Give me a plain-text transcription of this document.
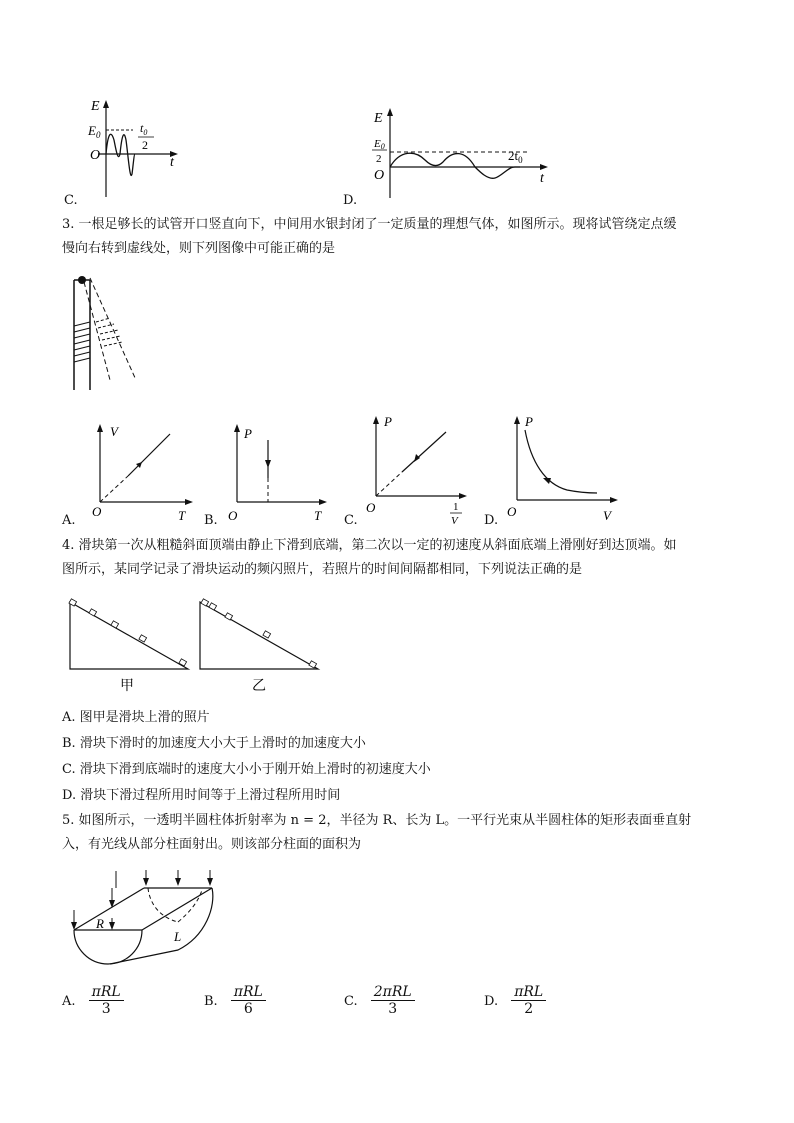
E
$E_0$
O
$t_0$
2
t
C.
E
E0
2
O
$2t_0$
t
D.
3. 一根足够长的试管开口竖直向下，中间用水银封闭了一定质量的理想气体，如图所示。现将试管绕定点缓
慢向右转到虚线处，则下列图像中可能正确的是
V
O	T
A.
P
O	T
B.
P
O	1
V
C.
P
O	V
D.
4. 滑块第一次从粗糙斜面顶端由静止下滑到底端，第二次以一定的初速度从斜面底端上滑刚好到达顶端。如
图所示，某同学记录了滑块运动的频闪照片，若照片的时间间隔都相同，下列说法正确的是
甲	乙
A. 图甲是滑块上滑的照片
B. 滑块下滑时的加速度大小大于上滑时的加速度大小
C. 滑块下滑到底端时的速度大小小于刚开始上滑时的初速度大小
D. 滑块下滑过程所用时间等于上滑过程所用时间
5. 如图所示，一透明半圆柱体折射率为 n = 2，半径为 R、长为 L。一平行光束从半圆柱体的矩形表面垂直射
入，有光线从部分柱面射出。则该部分柱面的面积为
R
L
A. $\frac{\text{πRL}}{3}$	B. $\frac{\text{πRL}}{6}$	C. $\frac{\text{2πRL}}{3}$	D. $\frac{\text{πRL}}{2}$
